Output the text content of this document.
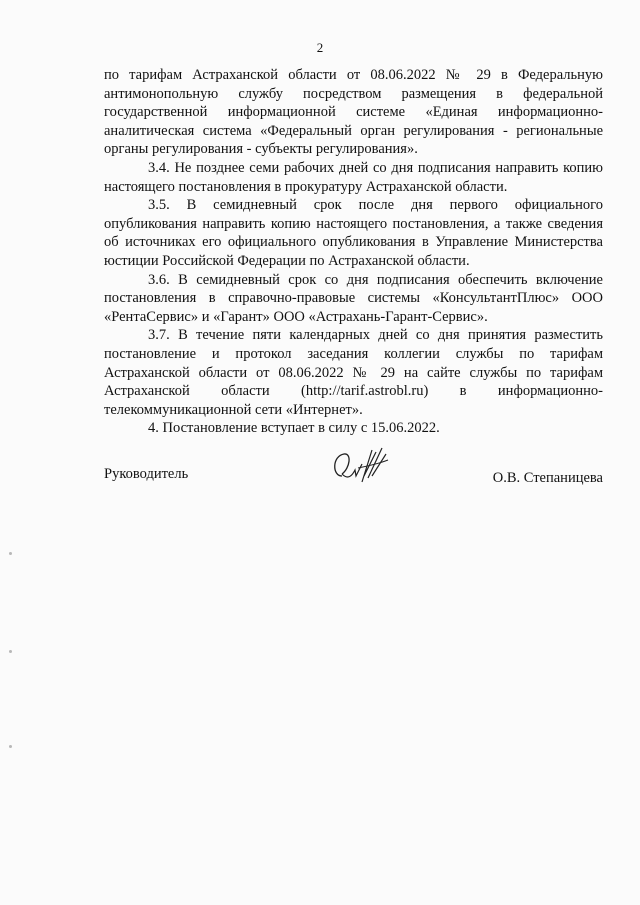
2

по тарифам Астраханской области от 08.06.2022 № 29 в Федеральную антимонопольную службу посредством размещения в федеральной государственной информационной системе «Единая информационно-аналитическая система «Федеральный орган регулирования - региональные органы регулирования - субъекты регулирования».

3.4. Не позднее семи рабочих дней со дня подписания направить копию настоящего постановления в прокуратуру Астраханской области.

3.5. В семидневный срок после дня первого официального опубликования направить копию настоящего постановления, а также сведения об источниках его официального опубликования в Управление Министерства юстиции Российской Федерации по Астраханской области.

3.6. В семидневный срок со дня подписания обеспечить включение постановления в справочно-правовые системы «КонсультантПлюс» ООО «РентаСервис» и «Гарант» ООО «Астрахань-Гарант-Сервис».

3.7. В течение пяти календарных дней со дня принятия разместить постановление и протокол заседания коллегии службы по тарифам Астраханской области от 08.06.2022 № 29 на сайте службы по тарифам Астраханской области (http://tarif.astrobl.ru) в информационно-телекоммуникационной сети «Интернет».

4. Постановление вступает в силу с 15.06.2022.

Руководитель	О.В. Степаницева
